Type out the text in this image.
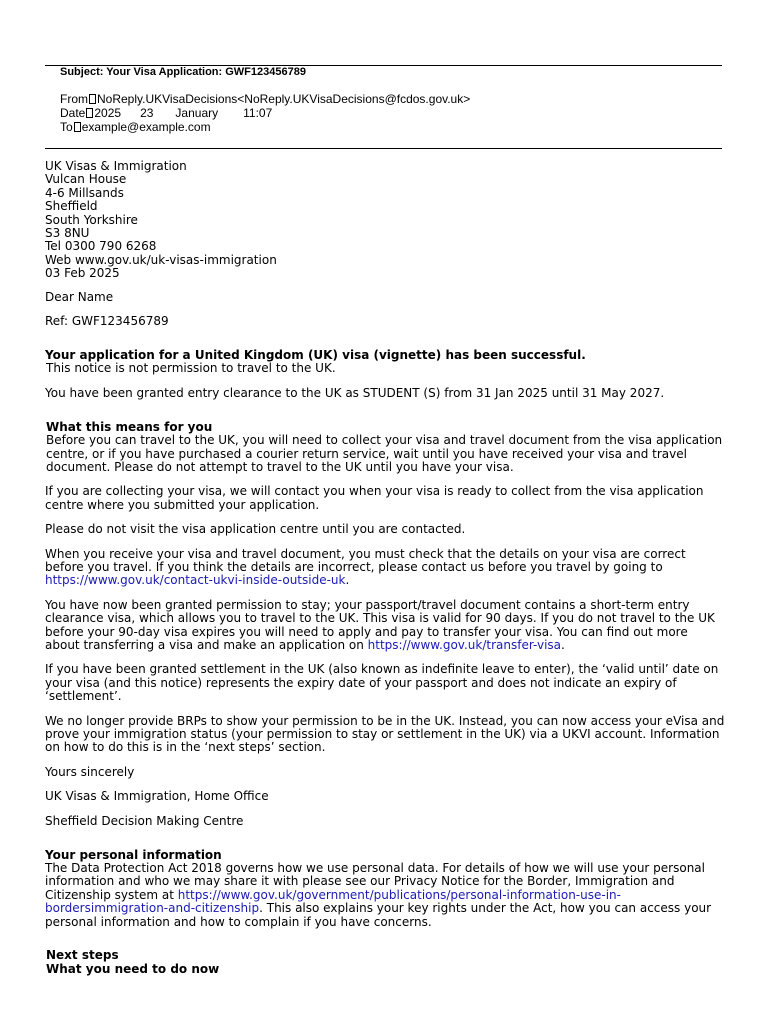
Subject: Your Visa Application: GWF123456789
From NoReply.UKVisaDecisions<NoReply.UKVisaDecisions@fcdos.gov.uk>
Date 2025 23 January 11:07
To example@example.com
UK Visas & Immigration
Vulcan House
4-6 Millsands
Sheffield
South Yorkshire
S3 8NU
Tel 0300 790 6268
Web www.gov.uk/uk-visas-immigration
03 Feb 2025

Dear Name

Ref: GWF123456789

Your application for a United Kingdom (UK) visa (vignette) has been successful.

This notice is not permission to travel to the UK.

You have been granted entry clearance to the UK as STUDENT (S) from 31 Jan 2025 until 31 May 2027.

What this means for you

Before you can travel to the UK, you will need to collect your visa and travel document from the visa application centre, or if you have purchased a courier return service, wait until you have received your visa and travel document. Please do not attempt to travel to the UK until you have your visa.

If you are collecting your visa, we will contact you when your visa is ready to collect from the visa application centre where you submitted your application.

Please do not visit the visa application centre until you are contacted.

When you receive your visa and travel document, you must check that the details on your visa are correct before you travel. If you think the details are incorrect, please contact us before you travel by going to https://www.gov.uk/contact-ukvi-inside-outside-uk.

You have now been granted permission to stay; your passport/travel document contains a short-term entry clearance visa, which allows you to travel to the UK. This visa is valid for 90 days. If you do not travel to the UK before your 90-day visa expires you will need to apply and pay to transfer your visa. You can find out more about transferring a visa and make an application on https://www.gov.uk/transfer-visa.

If you have been granted settlement in the UK (also known as indefinite leave to enter), the ‘valid until’ date on your visa (and this notice) represents the expiry date of your passport and does not indicate an expiry of ‘settlement’.

We no longer provide BRPs to show your permission to be in the UK. Instead, you can now access your eVisa and prove your immigration status (your permission to stay or settlement in the UK) via a UKVI account. Information on how to do this is in the ‘next steps’ section.

Yours sincerely

UK Visas & Immigration, Home Office

Sheffield Decision Making Centre

Your personal information

The Data Protection Act 2018 governs how we use personal data. For details of how we will use your personal information and who we may share it with please see our Privacy Notice for the Border, Immigration and Citizenship system at https://www.gov.uk/government/publications/personal-information-use-in-bordersimmigration-and-citizenship. This also explains your key rights under the Act, how you can access your personal information and how to complain if you have concerns.

Next steps

What you need to do now
